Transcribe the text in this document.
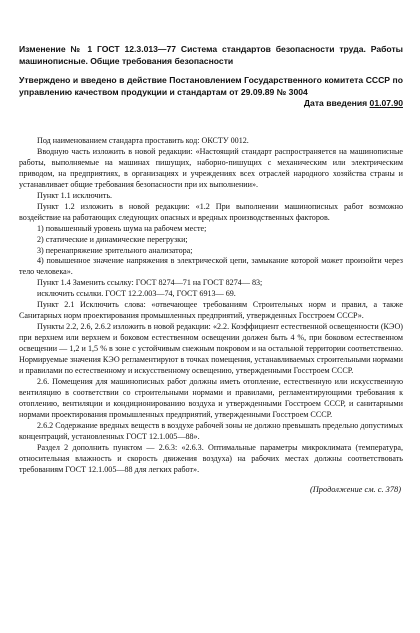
Изменение № 1 ГОСТ 12.3.013—77 Система стандартов безопасности труда. Работы машинописные. Общие требования безопасности

Утверждено и введено в действие Постановлением Государственного комитета СССР по управлению качеством продукции и стандартам от 29.09.89 № 3004
Дата введения 01.07.90

Под наименованием стандарта проставить код: ОКСТУ 0012.

Вводную часть изложить в новой редакции: «Настоящий стандарт распространяется на машинописные работы, выполняемые на машинах пишущих, наборно-пишущих с механическим или электрическим приводом, на предприятиях, в организациях и учреждениях всех отраслей народного хозяйства страны и устанавливает общие требования безопасности при их выполнении».

Пункт 1.1 исключить.

Пункт 1.2 изложить в новой редакции: «1.2 При выполнении машинописных работ возможно воздействие на работающих следующих опасных и вредных производственных факторов.

1) повышенный уровень шума на рабочем месте;

2) статические и динамические перегрузки;

3) перенапряжение зрительного анализатора;

4) повышенное значение напряжения в электрической цепи, замыкание которой может произойти через тело человека».

Пункт 1.4 Заменить ссылку: ГОСТ 8274—71 на ГОСТ 8274— 83;

исключить ссылки. ГОСТ 12.2.003—74, ГОСТ 6913— 69.

Пункт 2.1 Исключить слова: «отвечающее требованиям Строительных норм и правил, а также Санитарных норм проектирования промышленных предприятий, утвержденных Госстроем СССР».

Пункты 2.2, 2.6, 2.6.2 изложить в новой редакции: «2.2. Коэффициент естественной освещенности (КЭО) при верхнем или верхнем и боковом естественном освещении должен быть 4 %, при боковом естественном освещении — 1,2 и 1,5 % в зоне с устойчивым снежным покровом и на остальной территории соответственно. Нормируемые значения КЭО регламентируют в точках помещения, устанавливаемых строительными нормами и правилами по естественному и искусственному освещению, утвержденными Госстроем СССР.

2.6. Помещения для машинописных работ должны иметь отопление, естественную или искусственную вентиляцию в соответствии со строительными нормами и правилами, регламентирующими требования к отоплению, вентиляции и кондиционированию воздуха и утвержденными Госстроем СССР, и санитарными нормами проектирования промышленных предприятий, утвержденными Госстроем СССР.

2.6.2 Содержание вредных веществ в воздухе рабочей зоны не должно превышать предельно допустимых концентраций, установленных ГОСТ 12.1.005—88».

Раздел 2 дополнить пунктом — 2.6.3: «2.6.3. Оптимальные параметры микроклимата (температура, относительная влажность и скорость движения воздуха) на рабочих местах должны соответствовать требованиям ГОСТ 12.1.005—88 для легких работ».

(Продолжение см. с. 378)
